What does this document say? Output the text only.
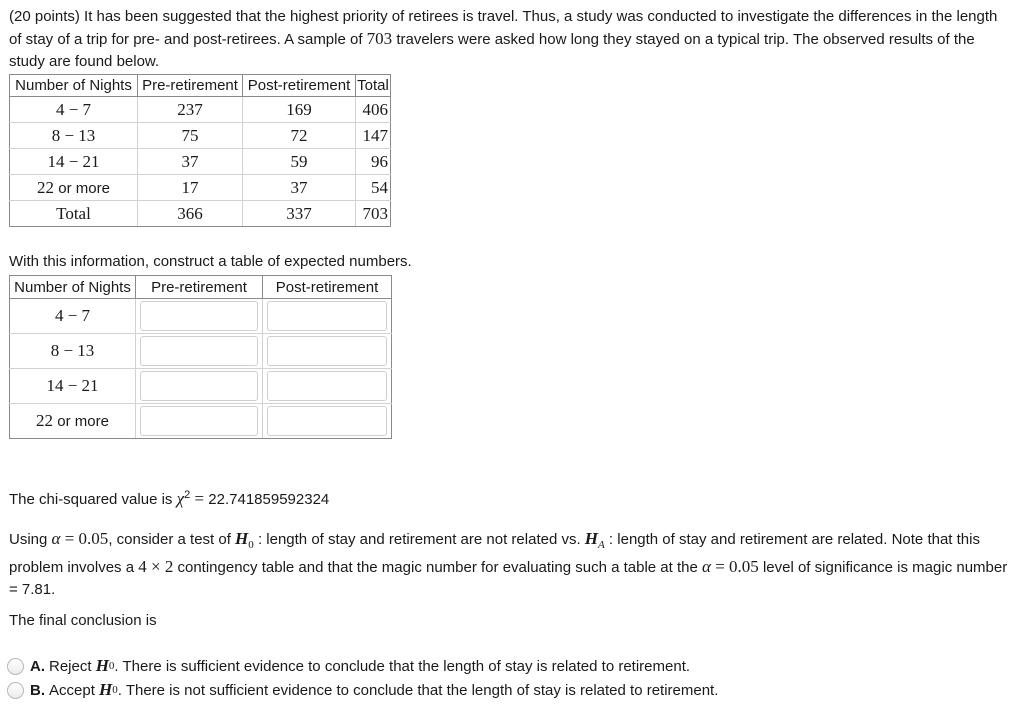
(20 points) It has been suggested that the highest priority of retirees is travel. Thus, a study was conducted to investigate the differences in the length of stay of a trip for pre- and post-retirees. A sample of 703 travelers were asked how long they stayed on a typical trip. The observed results of the study are found below.
Number of Nights	Pre-retirement	Post-retirement	Total
4 − 7	237	169	406
8 − 13	75	72	147
14 − 21	37	59	96
22 or more	17	37	54
Total	366	337	703
With this information, construct a table of expected numbers.
Number of Nights	Pre-retirement	Post-retirement
4 − 7	

8 − 13	

14 − 21	

22 or more	

The chi-squared value is $\chi^2 = 22.741859592324$
Using α = 0.05, consider a test of $H_0$ : length of stay and retirement are not related vs. $H_A$ : length of stay and retirement are related. Note that this problem involves a 4 × 2 contingency table and that the magic number for evaluating such a table at the α = 0.05 level of significance is magic number = 7.81.
The final conclusion is
A. Reject H 0 . There is sufficient evidence to conclude that the length of stay is related to retirement.
B. Accept H 0 . There is not sufficient evidence to conclude that the length of stay is related to retirement.
